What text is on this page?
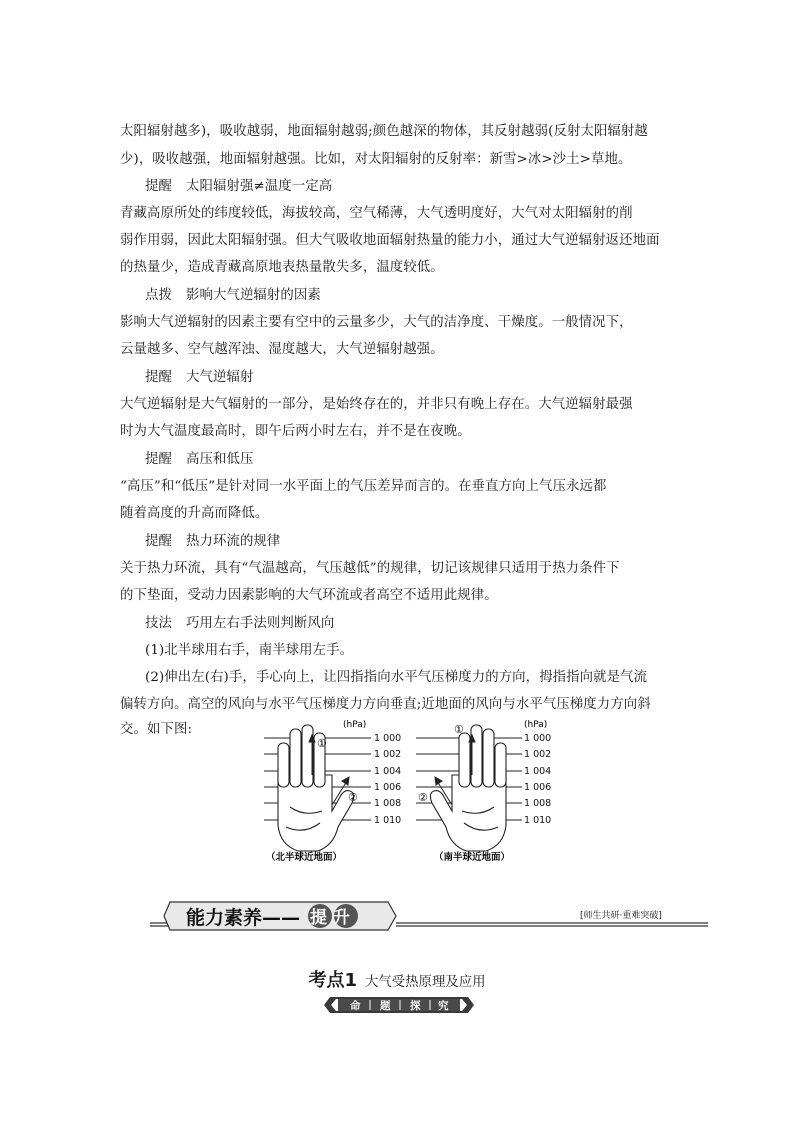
太阳辐射越多)，吸收越弱，地面辐射越弱;颜色越深的物体，其反射越弱(反射太阳辐射越
少)，吸收越强，地面辐射越强。比如，对太阳辐射的反射率：新雪>冰>沙土>草地。
提醒 太阳辐射强≠温度一定高
青藏高原所处的纬度较低，海拔较高，空气稀薄，大气透明度好，大气对太阳辐射的削
弱作用弱，因此太阳辐射强。但大气吸收地面辐射热量的能力小，通过大气逆辐射返还地面
的热量少，造成青藏高原地表热量散失多，温度较低。
点拨 影响大气逆辐射的因素
影响大气逆辐射的因素主要有空中的云量多少，大气的洁净度、干燥度。一般情况下，
云量越多、空气越浑浊、湿度越大，大气逆辐射越强。
提醒 大气逆辐射
大气逆辐射是大气辐射的一部分，是始终存在的，并非只有晚上存在。大气逆辐射最强
时为大气温度最高时，即午后两小时左右，并不是在夜晚。
提醒 高压和低压
“高压”和“低压”是针对同一水平面上的气压差异而言的。在垂直方向上气压永远都
随着高度的升高而降低。
提醒 热力环流的规律
关于热力环流，具有“气温越高，气压越低”的规律，切记该规律只适用于热力条件下
的下垫面，受动力因素影响的大气环流或者高空不适用此规律。
技法 巧用左右手法则判断风向
(1)北半球用右手，南半球用左手。
(2)伸出左(右)手，手心向上，让四指指向水平气压梯度力的方向，拇指指向就是气流
偏转方向。高空的风向与水平气压梯度力方向垂直;近地面的风向与水平气压梯度力方向斜
交。如下图:	(hPa)
1 000
1 002
1 004
1 006
1 008
1 010
①
②
（北半球近地面）
(hPa)
1 000
1 002
1 004
1 006
1 008
1 010
①
②
（南半球近地面）
能力素养—— 提升	[师生共研·重难突破]
考点1 大气受热原理及应用
命 题 探 究
